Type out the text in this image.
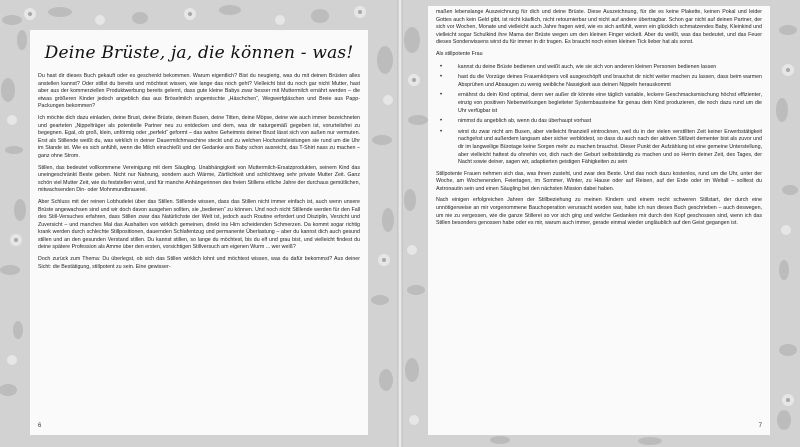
Deine Brüste, ja, die können - was!

Du hast dir dieses Buch gekauft oder es geschenkt bekommen. Warum eigentlich? Bist du neugierig, was du mit deinen Brüsten alles anstellen kannst? Oder stillst du bereits und möchtest wissen, wie lange das noch geht? Vielleicht bist du noch gar nicht Mutter, hast aber aus der kommerziellen Produktwerbung bereits gelernt, dass gute kleine Babys zwar besser mit Muttermilch ernährt werden – die etwas größeren Kinder jedoch angeblich das aus Bröselmilch angemischte „Häschchen“, Wegwerfgläschen und Breie aus Papp-Packungen bekommen?

Ich möchte dich dazu einladen, deine Brust, deine Brüste, deinen Busen, deine Titten, deine Möpse, deine wie auch immer bezeichneten und gearteten „Nippelträger als potentielle Partner neu zu entdecken und dem, was dir naturgemäß gegeben ist, vorurteilsfrei zu begegnen. Egal, ob groß, klein, unförmig oder „perfekt“ geformt – das wahre Geheimnis deiner Brust lässt sich von außen nur vermuten. Erst als Stillende weißt du, was wirklich in deiner Dauermilchmaschine steckt und zu welchen Hochzeitsleistungen sie rund um die Uhr im Stande ist. Wie es sich anfühlt, wenn die Milch einschießt und der Gedanke ans Baby schon ausreicht, das T-Shirt nass zu machen – ganz ohne Strom.

Stillen, das bedeutet vollkommene Vereinigung mit dem Säugling. Unabhängigkeit von Muttermilch-Ersatzprodukten, seinem Kind das uneingeschränkt Beste geben. Nicht nur Nahrung, sondern auch Wärme, Zärtlichkeit und schlichtweg sehr private Mutter Zeit. Ganz schön viel Mutter Zeit, wie du feststellen wirst, und für manche Anhängerinnen des freien Stillens etliche Jahre der durchaus gemütlichen, mitwachsenden Din- oder Mohnmundbrauerei.

Aber Schluss mit der reinen Lobhudelei über das Stillen. Stillende wissen, dass das Stillen nicht immer einfach ist, auch wenn unsere Brüste angewachsen sind und wir doch davon ausgehen sollten, sie „bedienen“ zu können. Und noch nicht Stillende werden für den Fall des Still-Versuches erfahren, dass Stillen zwar das Natürlichste der Welt ist, jedoch auch Routine erfordert und Disziplin, Verzicht und Zuversicht – und manches Mal das Aushalten von wirklich gemeinen, direkt ins Hirn scheidenden Schmerzen. Da kommt sogar richtig krank werden durch schlechte Stillpositionen, dauernden Schlafentzug und permanente Überlastung – aber du kannst dich auch gesund stillen und an den gesunden Verstand stillen. Du kannst stillen, so lange du möchtest, bis du elf und grau bist, und vielleicht findest du deine spätere Profession als Amme über den ersten, vorsichtigen Stillversuch am eigenen Wurm ... wer weiß?

Doch zurück zum Thema: Du überlegst, ob sich das Stillen wirklich lohnt und möchtest wissen, was du dafür bekommst? Aus deiner Sicht: die Bestätigung, stillpotent zu sein. Eine gewisser-

6

maßen lebenslange Auszeichnung für dich und deine Brüste. Diese Auszeichnung, für die es keine Plakette, keinen Pokal und leider Gottes auch kein Geld gibt, ist nicht käuflich, nicht retournierbar und nicht auf andere übertragbar. Schon gar nicht auf deinen Partner, der sich vor Wochen, Monate und vielleicht auch Jahre fragen wird, wie es sich anfühlt, wenn ein glücklich schmatzendes Baby, Kleinkind und vielleicht sogar Schulkind ihre Mama der Brüste wegen um den kleinen Finger wickelt. Aber du weißt, was das bedeutet, und das Feuer dieses Sonderwissens wirst du für immer in dir tragen. Es braucht noch einen kleinen Tick lieber hat als sonst.

Als stillpotente Frau

• kannst du deine Brüste bedienen und weißt auch, wie sie sich von anderen kleinen Personen bedienen lassen
• hast du die Vorzüge deines Frauenkörpers voll ausgeschöpft und brauchst dir nicht weiter machen zu lassen, dass beim warmen Absprühen und Absaugen zu wenig weibliche Nassigkeit aus deinen Nippeln herauskommt
• ernährst du dein Kind optimal, denn wer außer dir könnte eine täglich variable, leckere Geschmacksmischung höchst effizienter, einzig von positiven Nebenwirkungen begleiteter Systembausteine für genau dein Kind produzieren, die noch dazu rund um die Uhr verfügbar ist
• nimmst du angeblich ab, wenn du das überhaupt vorhast
• wirst du zwar nicht am Busen, aber vielleicht finanziell eintrocknen, weil du in der vielen verstillten Zeit keiner Erwerbstätigkeit nachgehst und außerdem langsam aber sicher verblödest, so dass du auch nach der aktiven Stillzeit dementer bist als zuvor und dir im langweilige Bürotage keine Sorgen mehr zu machen brauchst. Dieser Punkt der Aufzählung ist eine gemeine Unterstellung, aber vielleicht hattest du ohnehin vor, dich nach der Geburt selbstständig zu machen und so Herrin deiner Zeit, des Tages, der Nacht sowie deiner, sagen wir, adaptierten geistigen Fähigkeiten zu sein

Stillpotente Frauen nehmen sich das, was ihnen zusteht, und zwar des Beste. Und das noch dazu kostenlos, rund um die Uhr, unter der Woche, am Wochenenden, Feiertagen, im Sommer, Winter, zu Hause oder auf Reisen, auf der Erde oder im Weltall – solltest du Astronautin sein und einen Säugling bei den nächsten Mission dabei haben.

Nach einigen erfolgreichen Jahren der Stillbeziehung zu meinen Kindern und einem recht schweren Stillstart, der durch eine unnötigerweise an mir vorgenommene Bauchoperation verursacht worden war, habe ich nun dieses Buch geschrieben – auch deswegen, um nie zu vergessen, wie die ganze Stillerei so vor sich ging und welche Gedanken mir durch den Kopf geschossen sind, wenn ich das Stillen besonders genossen habe oder es mir, warum auch immer, gerade einmal wieder ungläublich auf den Geist gegangen ist.

7
